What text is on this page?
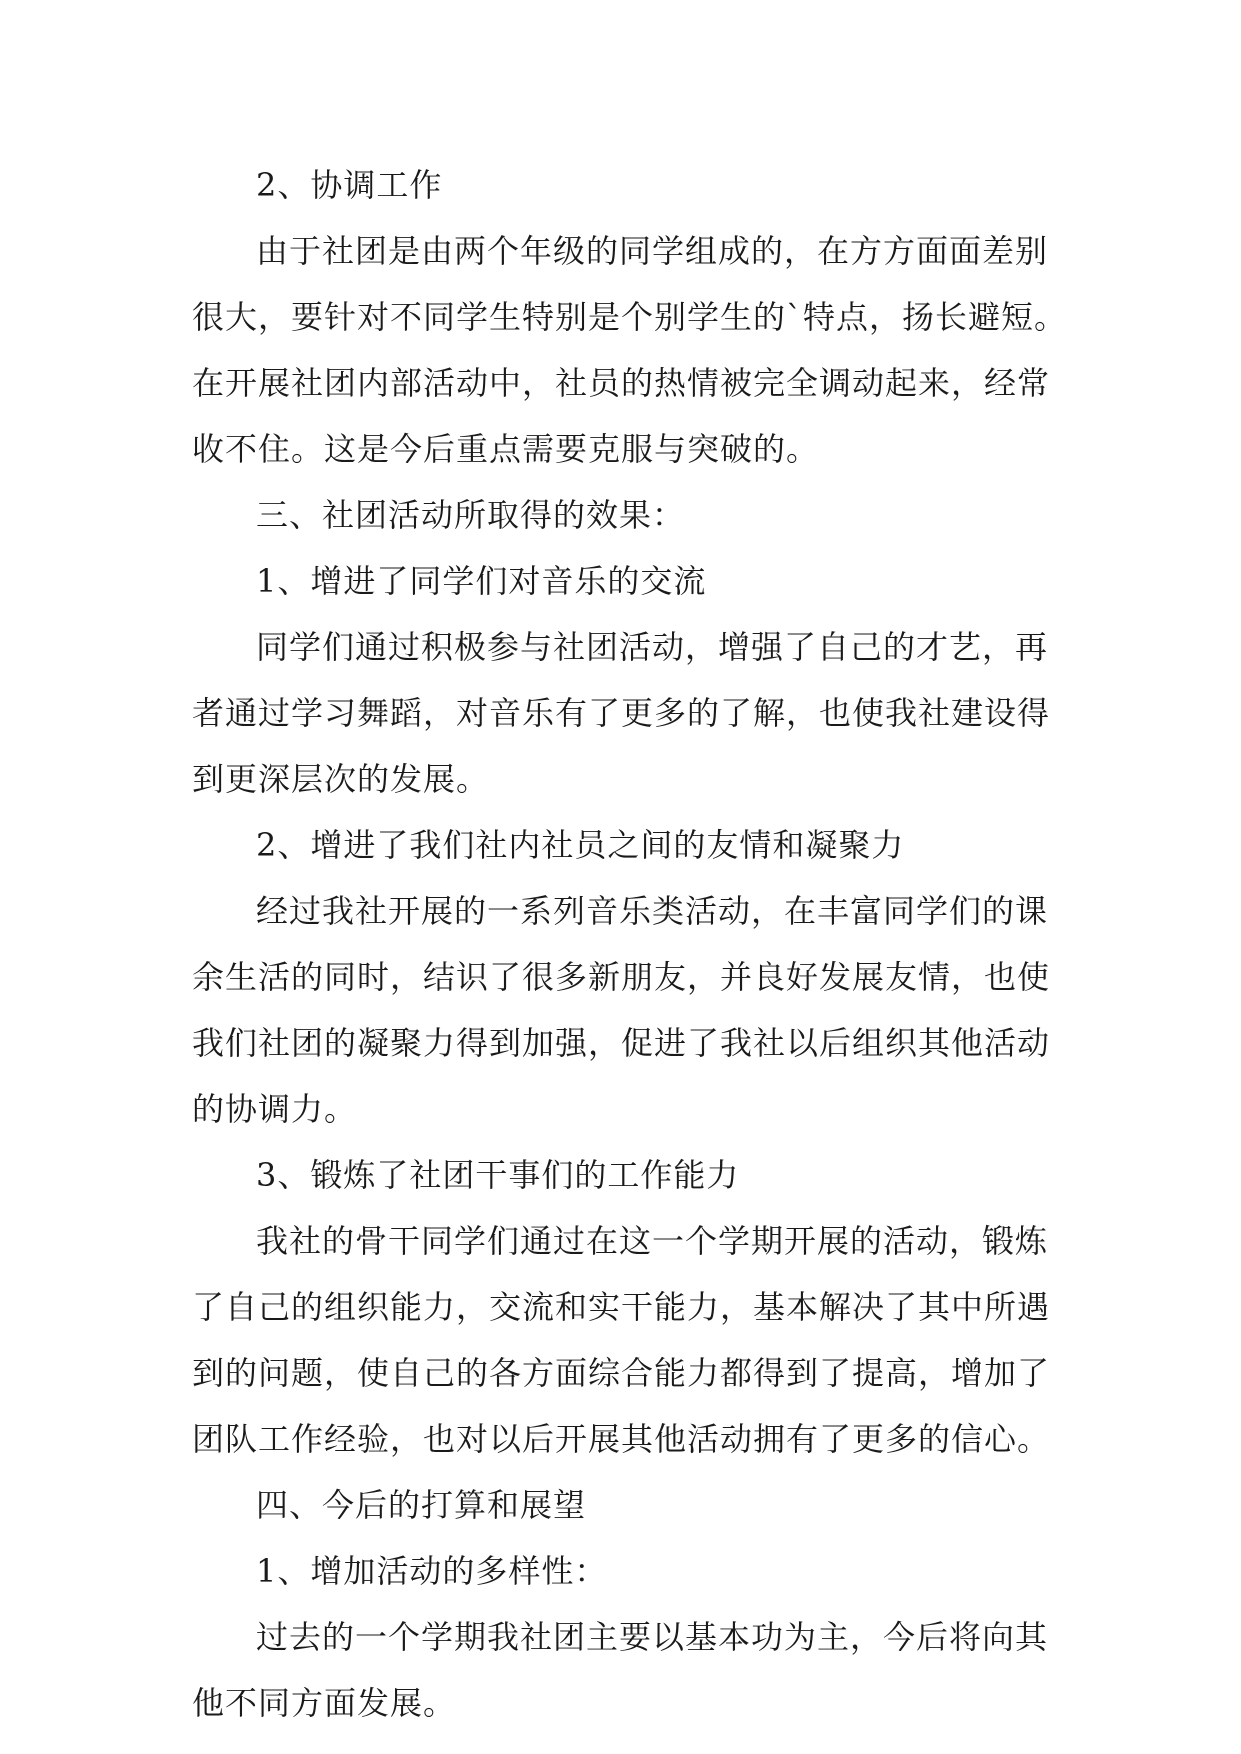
2、协调工作
由于社团是由两个年级的同学组成的，在方方面面差别
很大，要针对不同学生特别是个别学生的`特点，扬长避短。
在开展社团内部活动中，社员的热情被完全调动起来，经常
收不住。这是今后重点需要克服与突破的。
三、社团活动所取得的效果：
1、增进了同学们对音乐的交流
同学们通过积极参与社团活动，增强了自己的才艺，再
者通过学习舞蹈，对音乐有了更多的了解，也使我社建设得
到更深层次的发展。
2、增进了我们社内社员之间的友情和凝聚力
经过我社开展的一系列音乐类活动，在丰富同学们的课
余生活的同时，结识了很多新朋友，并良好发展友情，也使
我们社团的凝聚力得到加强，促进了我社以后组织其他活动
的协调力。
3、锻炼了社团干事们的工作能力
我社的骨干同学们通过在这一个学期开展的活动，锻炼
了自己的组织能力，交流和实干能力，基本解决了其中所遇
到的问题，使自己的各方面综合能力都得到了提高，增加了
团队工作经验，也对以后开展其他活动拥有了更多的信心。
四、今后的打算和展望
1、增加活动的多样性：
过去的一个学期我社团主要以基本功为主，今后将向其
他不同方面发展。
